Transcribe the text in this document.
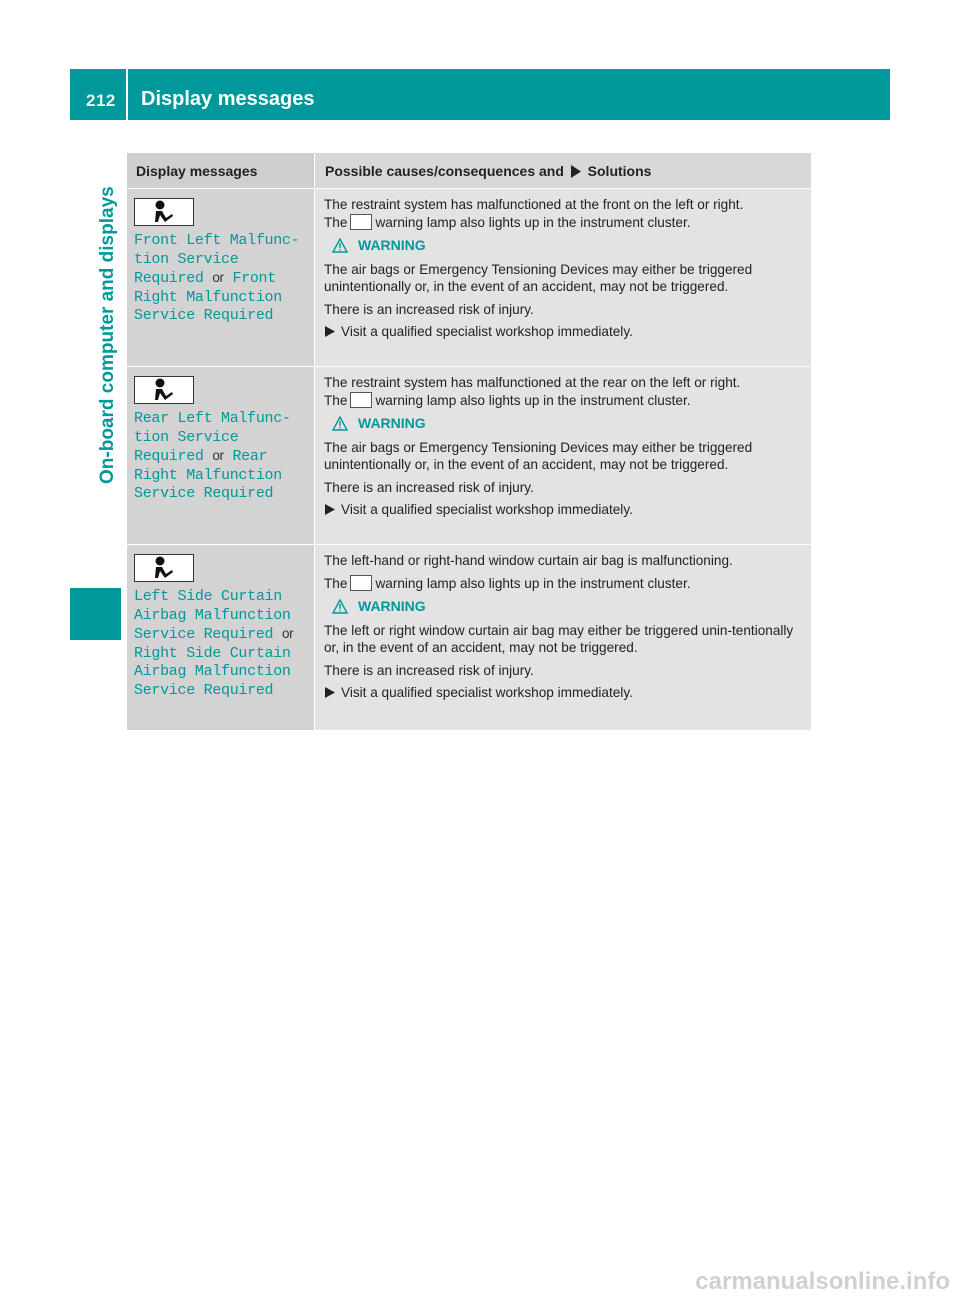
212 Display messages
On-board computer and displays
Display messages	Possible causes/consequences and Solutions
Front Left Malfunc-
tion Service
Required or Front
Right Malfunction
Service Required
The restraint system has malfunctioned at the front on the left or right.
The warning lamp also lights up in the instrument cluster.
WARNING
The air bags or Emergency Tensioning Devices may either be triggered unintentionally or, in the event of an accident, may not be triggered.
There is an increased risk of injury.
Visit a qualified specialist workshop immediately.
Rear Left Malfunc-
tion Service
Required or Rear
Right Malfunction
Service Required
The restraint system has malfunctioned at the rear on the left or right.
The warning lamp also lights up in the instrument cluster.
WARNING
The air bags or Emergency Tensioning Devices may either be triggered unintentionally or, in the event of an accident, may not be triggered.
There is an increased risk of injury.
Visit a qualified specialist workshop immediately.
Left Side Curtain
Airbag Malfunction
Service Required or
Right Side Curtain
Airbag Malfunction
Service Required
The left-hand or right-hand window curtain air bag is malfunctioning.
The warning lamp also lights up in the instrument cluster.
WARNING
The left or right window curtain air bag may either be triggered unin-tentionally or, in the event of an accident, may not be triggered.
There is an increased risk of injury.
Visit a qualified specialist workshop immediately.
carmanualsonline.info
